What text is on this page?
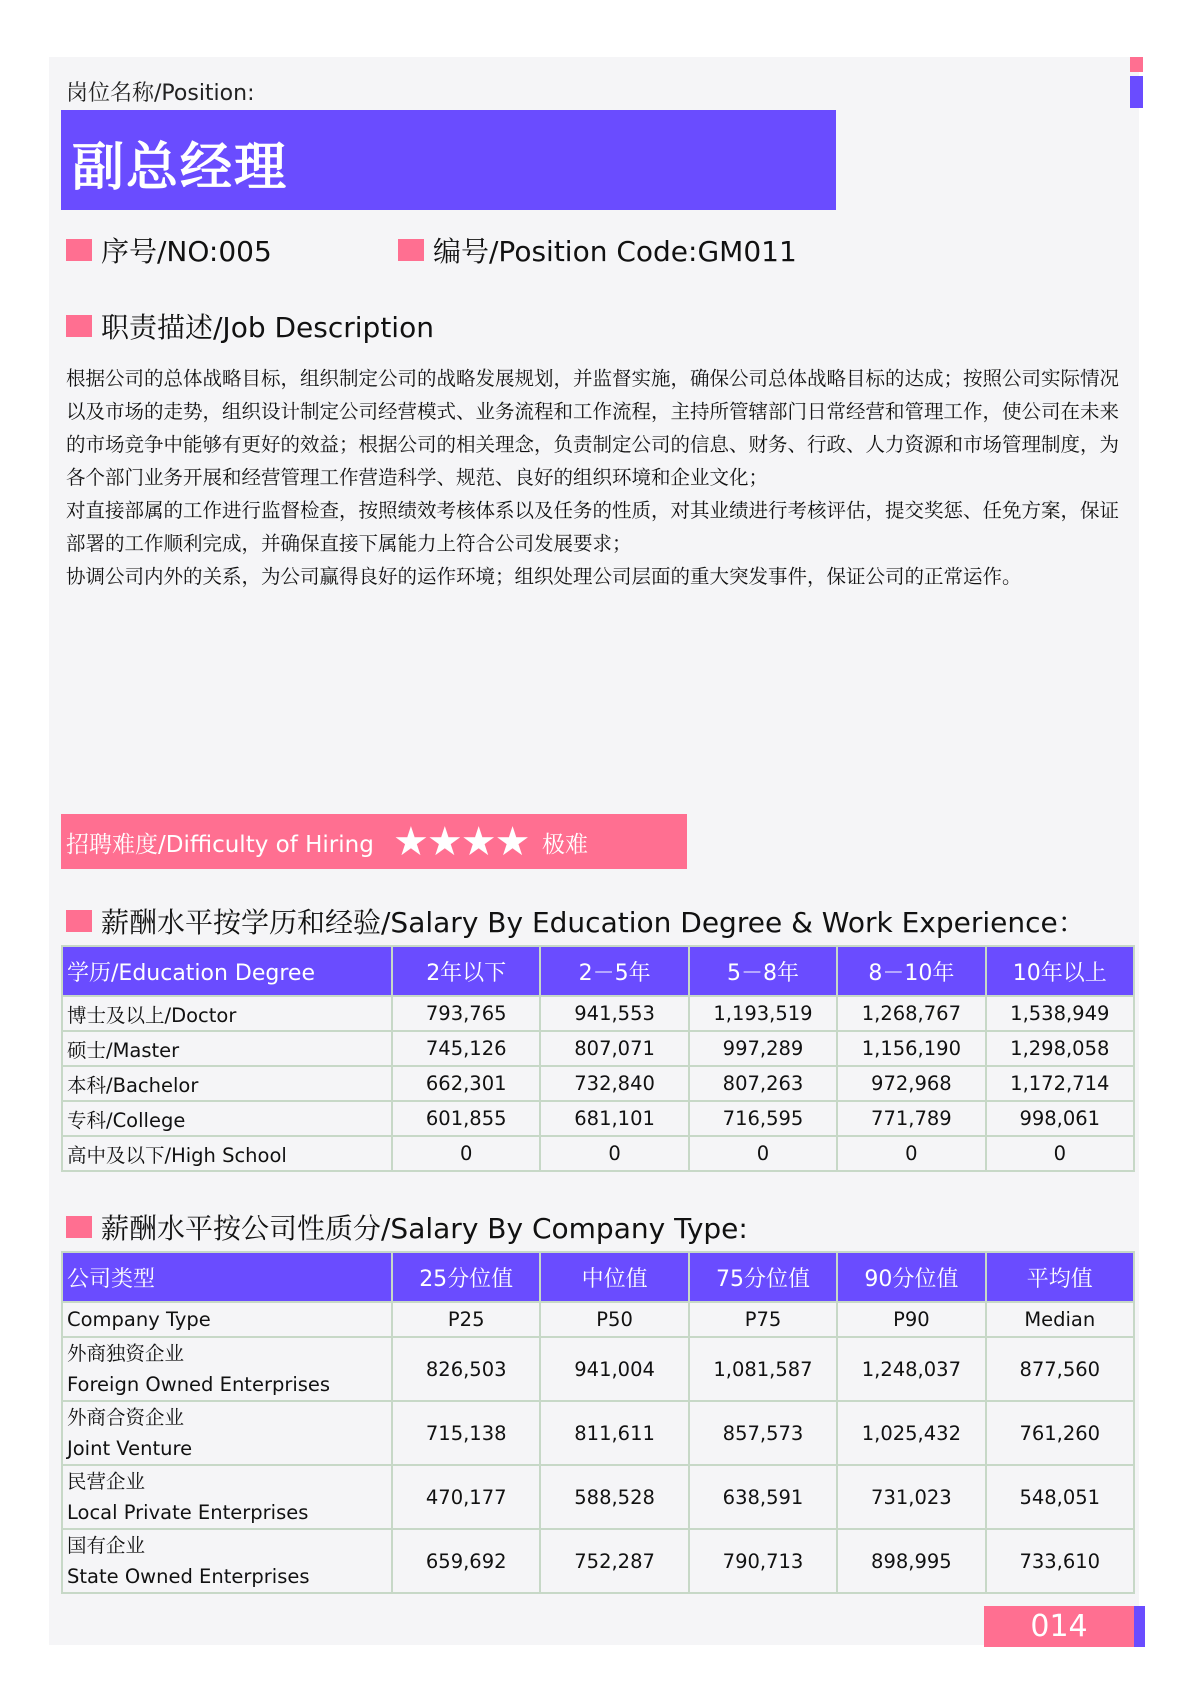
岗位名称/Position:
副总经理
序号/NO:005	编号/Position Code:GM011
职责描述/Job Description

根据公司的总体战略目标，组织制定公司的战略发展规划，并监督实施，确保公司总体战略目标的达成；按照公司实际情况以及市场的走势，组织设计制定公司经营模式、业务流程和工作流程，主持所管辖部门日常经营和管理工作，使公司在未来的市场竞争中能够有更好的效益；根据公司的相关理念，负责制定公司的信息、财务、行政、人力资源和市场管理制度，为各个部门业务开展和经营管理工作营造科学、规范、良好的组织环境和企业文化；

对直接部属的工作进行监督检查，按照绩效考核体系以及任务的性质，对其业绩进行考核评估，提交奖惩、任免方案，保证部署的工作顺利完成，并确保直接下属能力上符合公司发展要求；

协调公司内外的关系，为公司赢得良好的运作环境；组织处理公司层面的重大突发事件，保证公司的正常运作。

招聘难度/Difficulty of Hiring ★★★★ 极难
薪酬水平按学历和经验/Salary By Education Degree & Work Experience：
学历/Education Degree	2年以下	2－5年	5－8年	8－10年	10年以上
博士及以上/Doctor	793,765	941,553	1,193,519	1,268,767	1,538,949
硕士/Master	745,126	807,071	997,289	1,156,190	1,298,058
本科/Bachelor	662,301	732,840	807,263	972,968	1,172,714
专科/College	601,855	681,101	716,595	771,789	998,061
高中及以下/High School	0	0	0	0	0
薪酬水平按公司性质分/Salary By Company Type:
公司类型	25分位值	中位值	75分位值	90分位值	平均值
Company Type	P25	P50	P75	P90	Median

外商独资企业
Foreign Owned Enterprises	826,503	941,004	1,081,587	1,248,037	877,560

外商合资企业
Joint Venture	715,138	811,611	857,573	1,025,432	761,260

民营企业
Local Private Enterprises	470,177	588,528	638,591	731,023	548,051

国有企业
State Owned Enterprises	659,692	752,287	790,713	898,995	733,610
014
